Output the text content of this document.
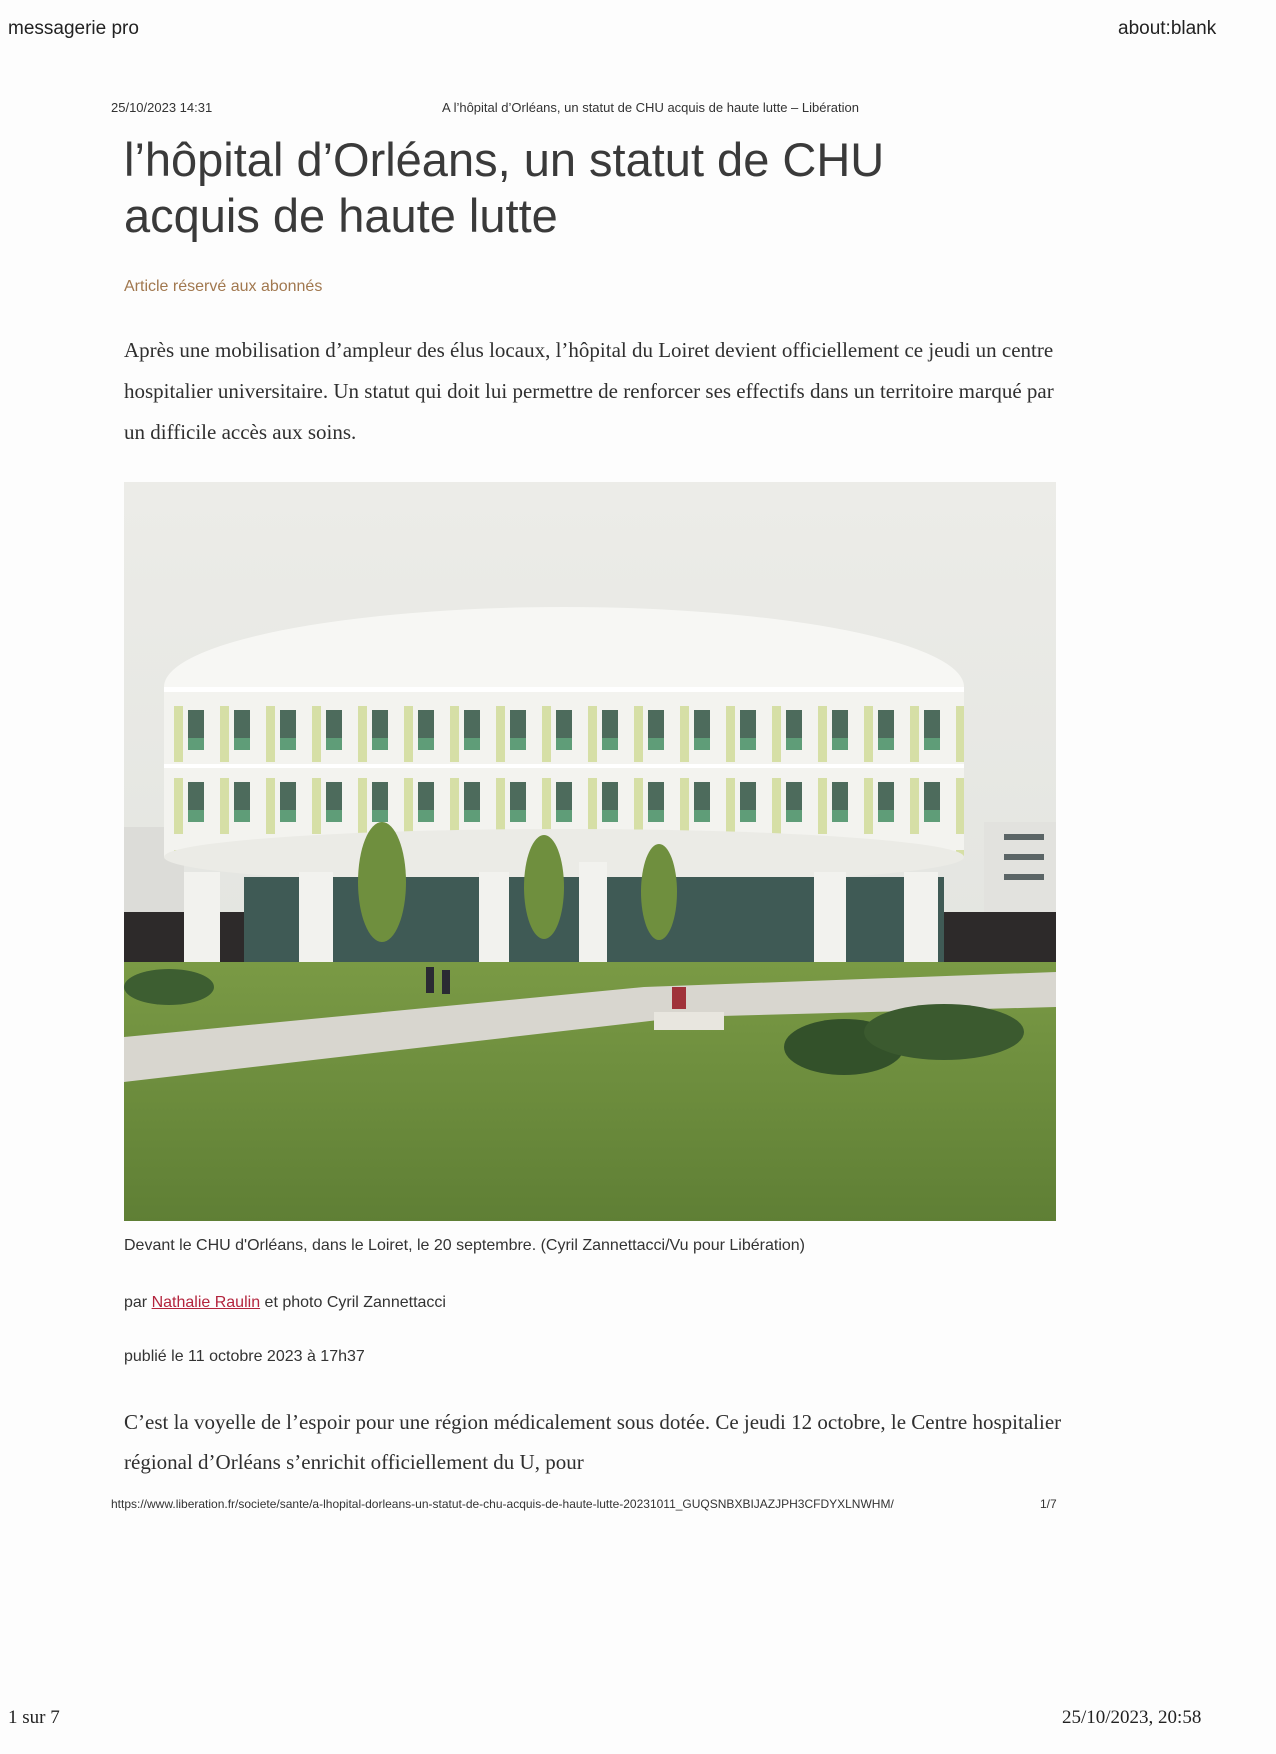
messagerie pro	about:blank
25/10/2023 14:31	A l’hôpital d’Orléans, un statut de CHU acquis de haute lutte – Libération
l’hôpital d’Orléans, un statut de CHU
acquis de haute lutte
Article réservé aux abonnés

Après une mobilisation d’ampleur des élus locaux, l’hôpital du Loiret devient officiellement ce jeudi un centre hospitalier universitaire. Un statut qui doit lui permettre de renforcer ses effectifs dans un territoire marqué par un difficile accès aux soins.

Devant le CHU d'Orléans, dans le Loiret, le 20 septembre. (Cyril Zannettacci/Vu pour Libération)
par Nathalie Raulin et photo Cyril Zannettacci
publié le 11 octobre 2023 à 17h37

C’est la voyelle de l’espoir pour une région médicalement sous dotée. Ce jeudi 12 octobre, le Centre hospitalier régional d’Orléans s’enrichit officiellement du U, pour

https://www.liberation.fr/societe/sante/a-lhopital-dorleans-un-statut-de-chu-acquis-de-haute-lutte-20231011_GUQSNBXBIJAZJPH3CFDYXLNWHM/	1/7
1 sur 7	25/10/2023, 20:58
